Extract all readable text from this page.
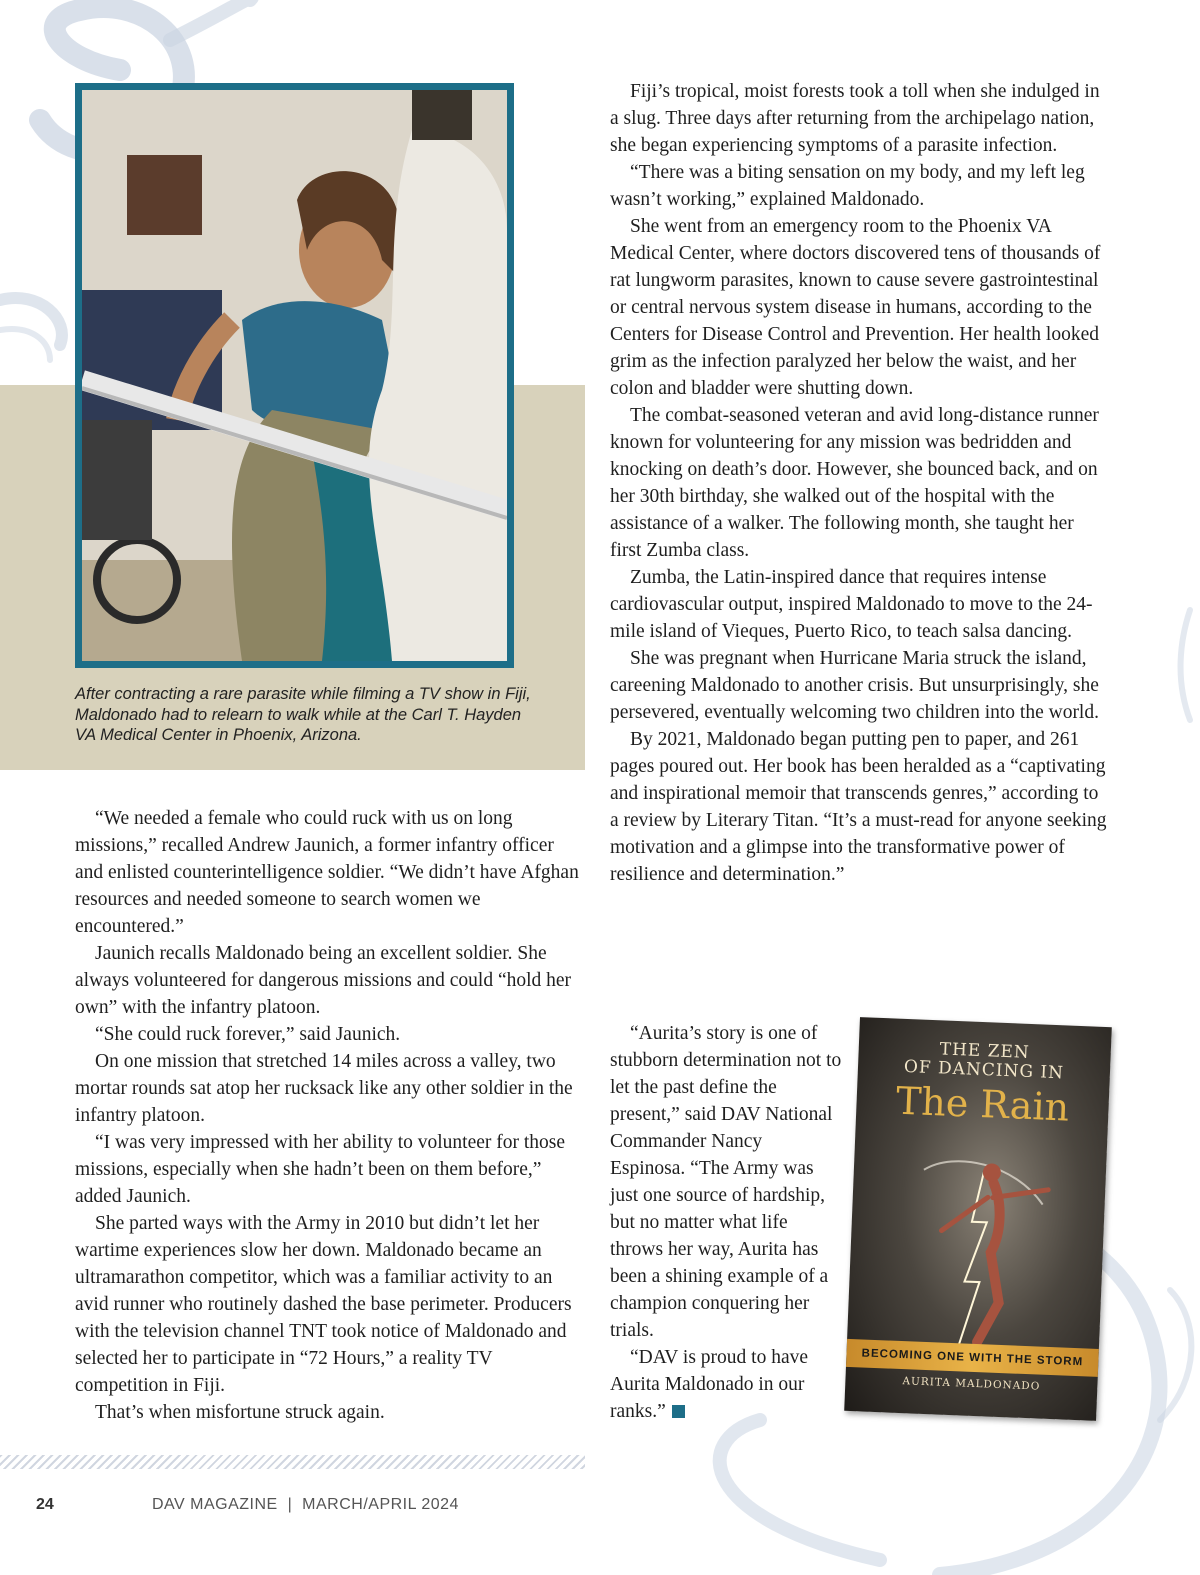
After contracting a rare parasite while filming a TV show in Fiji, Maldonado had to relearn to walk while at the Carl T. Hayden VA Medical Center in Phoenix, Arizona.

“We needed a female who could ruck with us on long missions,” recalled Andrew Jaunich, a former infantry officer and enlisted counterintelligence soldier. “We didn’t have Afghan resources and needed someone to search women we encountered.”

Jaunich recalls Maldonado being an excellent soldier. She always volunteered for dangerous missions and could “hold her own” with the infantry platoon.

“She could ruck forever,” said Jaunich.

On one mission that stretched 14 miles across a valley, two mortar rounds sat atop her rucksack like any other soldier in the infantry platoon.

“I was very impressed with her ability to volunteer for those missions, especially when she hadn’t been on them before,” added Jaunich.

She parted ways with the Army in 2010 but didn’t let her wartime experiences slow her down. Maldonado became an ultramarathon competitor, which was a familiar activity to an avid runner who routinely dashed the base perimeter. Producers with the television channel TNT took notice of Maldonado and selected her to participate in “72 Hours,” a reality TV competition in Fiji.

That’s when misfortune struck again.

Fiji’s tropical, moist forests took a toll when she indulged in a slug. Three days after returning from the archipelago nation, she began experiencing symptoms of a parasite infection.

“There was a biting sensation on my body, and my left leg wasn’t working,” explained Maldonado.

She went from an emergency room to the Phoenix VA Medical Center, where doctors discovered tens of thousands of rat lungworm parasites, known to cause severe gastrointestinal or central nervous system disease in humans, according to the Centers for Disease Control and Prevention. Her health looked grim as the infection paralyzed her below the waist, and her colon and bladder were shutting down.

The combat-seasoned veteran and avid long-distance runner known for volunteering for any mission was bedridden and knocking on death’s door. However, she bounced back, and on her 30th birthday, she walked out of the hospital with the assistance of a walker. The following month, she taught her first Zumba class.

Zumba, the Latin-inspired dance that requires intense cardiovascular output, inspired Maldonado to move to the 24-mile island of Vieques, Puerto Rico, to teach salsa dancing.

She was pregnant when Hurricane Maria struck the island, careening Maldonado to another crisis. But unsurprisingly, she persevered, eventually welcoming two children into the world.

By 2021, Maldonado began putting pen to paper, and 261 pages poured out. Her book has been heralded as a “captivating and inspirational memoir that transcends genres,” according to a review by Literary Titan. “It’s a must-read for anyone seeking motivation and a glimpse into the transformative power of resilience and determination.”

“Aurita’s story is one of stubborn determination not to let the past define the present,” said DAV National Commander Nancy Espinosa. “The Army was just one source of hardship, but no matter what life throws her way, Aurita has been a shining example of a champion conquering her trials.

“DAV is proud to have Aurita Maldonado in our ranks.”

THE ZEN
OF DANCING IN
The Rain
BECOMING ONE WITH THE STORM
AURITA MALDONADO
24	DAV MAGAZINE  |  MARCH/APRIL 2024
